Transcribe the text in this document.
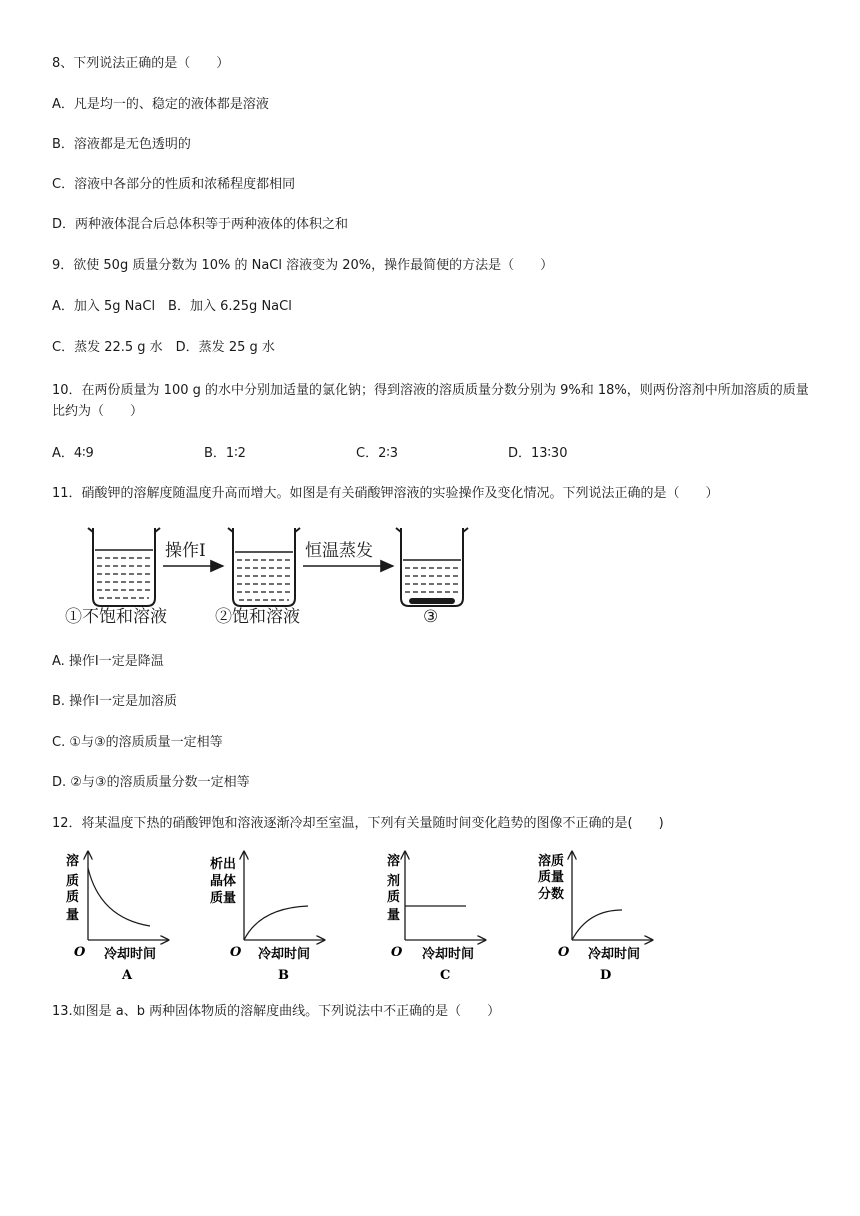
8、下列说法正确的是（　　）
A．凡是均一的、稳定的液体都是溶液
B．溶液都是无色透明的
C．溶液中各部分的性质和浓稀程度都相同
D．两种液体混合后总体积等于两种液体的体积之和
9．欲使 50g 质量分数为 10% 的 NaCl 溶液变为 20%，操作最简便的方法是（　　）
A．加入 5g NaCl　B．加入 6.25g NaCl
C．蒸发 22.5 g 水　D．蒸发 25 g 水
10．在两份质量为 100 g 的水中分别加适量的氯化钠；得到溶液的溶质质量分数分别为 9%和 18%，则两份溶剂中所加溶质的质量比约为（　　）
A．4∶9	B．1∶2	C．2∶3	D．13∶30
11．硝酸钾的溶解度随温度升高而增大。如图是有关硝酸钾溶液的实验操作及变化情况。下列说法正确的是（　　）
操作Ⅰ	恒温蒸发
①不饱和溶液	②饱和溶液	③
A. 操作Ⅰ一定是降温
B. 操作Ⅰ一定是加溶质
C. ①与③的溶质质量一定相等
D. ②与③的溶质质量分数一定相等
12．将某温度下热的硝酸钾饱和溶液逐渐冷却至室温，下列有关量随时间变化趋势的图像不正确的是(　　)
溶
质
质
量
O 冷却时间
A
析出
晶体
质量
O 冷却时间
B
溶
剂
质
量
O 冷却时间
C
溶质
质量
分数
O 冷却时间
D
13.如图是 a、b 两种固体物质的溶解度曲线。下列说法中不正确的是（　　）
